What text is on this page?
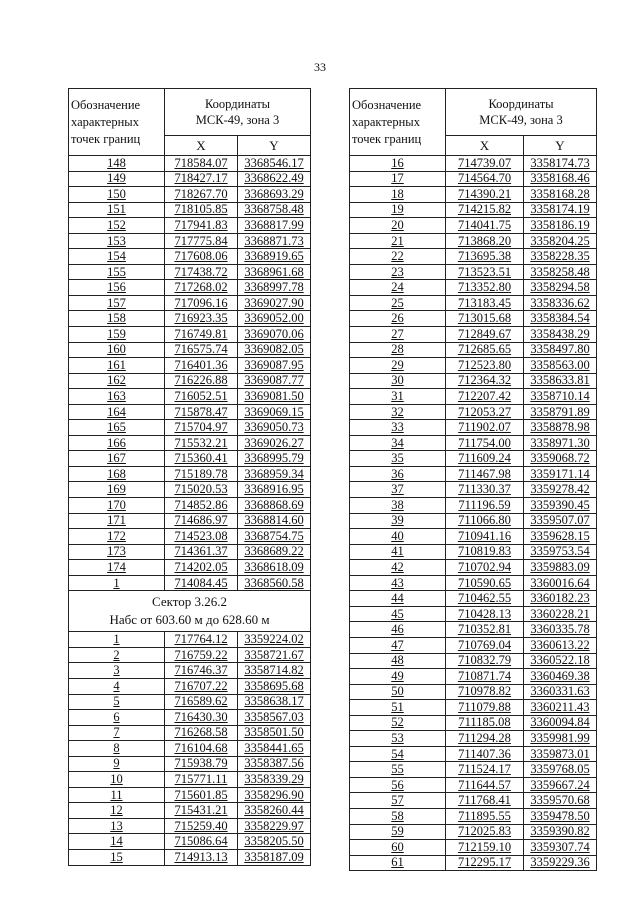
33
Обозначение
характерных
точек границ	Координаты
МСК-49, зона 3	
	X	Y
148	718584.07	3368546.17
149	718427.17	3368622.49
150	718267.70	3368693.29
151	718105.85	3368758.48
152	717941.83	3368817.99
153	717775.84	3368871.73
154	717608.06	3368919.65
155	717438.72	3368961.68
156	717268.02	3368997.78
157	717096.16	3369027.90
158	716923.35	3369052.00
159	716749.81	3369070.06
160	716575.74	3369082.05
161	716401.36	3369087.95
162	716226.88	3369087.77
163	716052.51	3369081.50
164	715878.47	3369069.15
165	715704.97	3369050.73
166	715532.21	3369026.27
167	715360.41	3368995.79
168	715189.78	3368959.34
169	715020.53	3368916.95
170	714852.86	3368868.69
171	714686.97	3368814.60
172	714523.08	3368754.75
173	714361.37	3368689.22
174	714202.05	3368618.09
1	714084.45	3368560.58
Сектор 3.26.2
Набс от 603.60 м до 628.60 м		
1	717764.12	3359224.02
2	716759.22	3358721.67
3	716746.37	3358714.82
4	716707.22	3358695.68
5	716589.62	3358638.17
6	716430.30	3358567.03
7	716268.58	3358501.50
8	716104.68	3358441.65
9	715938.79	3358387.56
10	715771.11	3358339.29
11	715601.85	3358296.90
12	715431.21	3358260.44
13	715259.40	3358229.97
14	715086.64	3358205.50
15	714913.13	3358187.09
Обозначение
характерных
точек границ	Координаты
МСК-49, зона 3	
	X	Y
16	714739.07	3358174.73
17	714564.70	3358168.46
18	714390.21	3358168.28
19	714215.82	3358174.19
20	714041.75	3358186.19
21	713868.20	3358204.25
22	713695.38	3358228.35
23	713523.51	3358258.48
24	713352.80	3358294.58
25	713183.45	3358336.62
26	713015.68	3358384.54
27	712849.67	3358438.29
28	712685.65	3358497.80
29	712523.80	3358563.00
30	712364.32	3358633.81
31	712207.42	3358710.14
32	712053.27	3358791.89
33	711902.07	3358878.98
34	711754.00	3358971.30
35	711609.24	3359068.72
36	711467.98	3359171.14
37	711330.37	3359278.42
38	711196.59	3359390.45
39	711066.80	3359507.07
40	710941.16	3359628.15
41	710819.83	3359753.54
42	710702.94	3359883.09
43	710590.65	3360016.64
44	710462.55	3360182.23
45	710428.13	3360228.21
46	710352.81	3360335.78
47	710769.04	3360613.22
48	710832.79	3360522.18
49	710871.74	3360469.38
50	710978.82	3360331.63
51	711079.88	3360211.43
52	711185.08	3360094.84
53	711294.28	3359981.99
54	711407.36	3359873.01
55	711524.17	3359768.05
56	711644.57	3359667.24
57	711768.41	3359570.68
58	711895.55	3359478.50
59	712025.83	3359390.82
60	712159.10	3359307.74
61	712295.17	3359229.36
